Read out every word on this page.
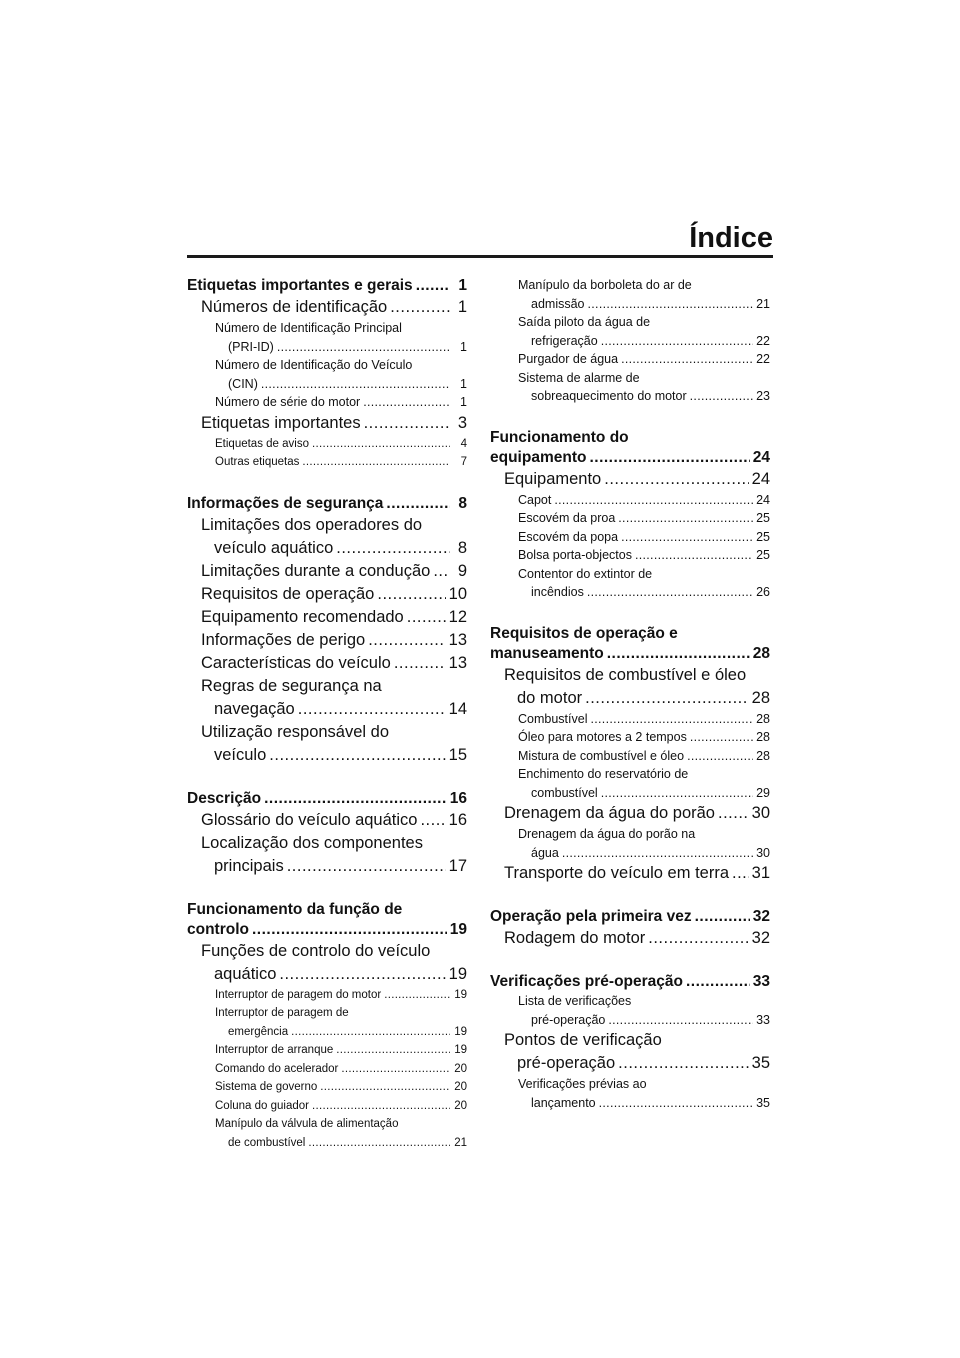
Índice
Etiquetas importantes e gerais .....	1
Números de identificação .....	1
Número de Identificação Principal
(PRI-ID) .....	1
Número de Identificação do Veículo
(CIN) .....	1
Número de série do motor .....	1
Etiquetas importantes .....	3
Etiquetas de aviso .....	4
Outras etiquetas .....	7
Informações de segurança .....	8
Limitações dos operadores do
veículo aquático .....	8
Limitações durante a condução ..... 9
Requisitos de operação .....	10
Equipamento recomendado .....	12
Informações de perigo .....	13
Características do veículo .....	13
Regras de segurança na
navegação .....	14
Utilização responsável do
veículo .....	15
Descrição .....	16
Glossário do veículo aquático ..... 16
Localização dos componentes
principais .....	17
Funcionamento da função de
controlo .....	19
Funções de controlo do veículo
aquático .....	19
Interruptor de paragem do motor .....	19
Interruptor de paragem de
emergência .....	19
Interruptor de arranque .....	19
Comando do acelerador .....	20
Sistema de governo .....	20
Coluna do guiador .....	20
Manípulo da válvula de alimentação
de combustível .....	21
Manípulo da borboleta do ar de
admissão .....	21
Saída piloto da água de
refrigeração .....	22
Purgador de água .....	22
Sistema de alarme de
sobreaquecimento do motor .....	23
Funcionamento do
equipamento .....	24
Equipamento .....	24
Capot .....	24
Escovém da proa .....	25
Escovém da popa .....	25
Bolsa porta-objectos .....	25
Contentor do extintor de
incêndios .....	26
Requisitos de operação e
manuseamento .....	28
Requisitos de combustível e óleo
do motor .....	28
Combustível .....	28
Óleo para motores a 2 tempos .....	28
Mistura de combustível e óleo .....	28
Enchimento do reservatório de
combustível .....	29
Drenagem da água do porão ..... 30
Drenagem da água do porão na
água .....	30
Transporte do veículo em terra ..... 31
Operação pela primeira vez .....	32
Rodagem do motor .....	32
Verificações pré-operação .....	33
Lista de verificações
pré-operação .....	33
Pontos de verificação
pré-operação .....	35
Verificações prévias ao
lançamento .....	35
